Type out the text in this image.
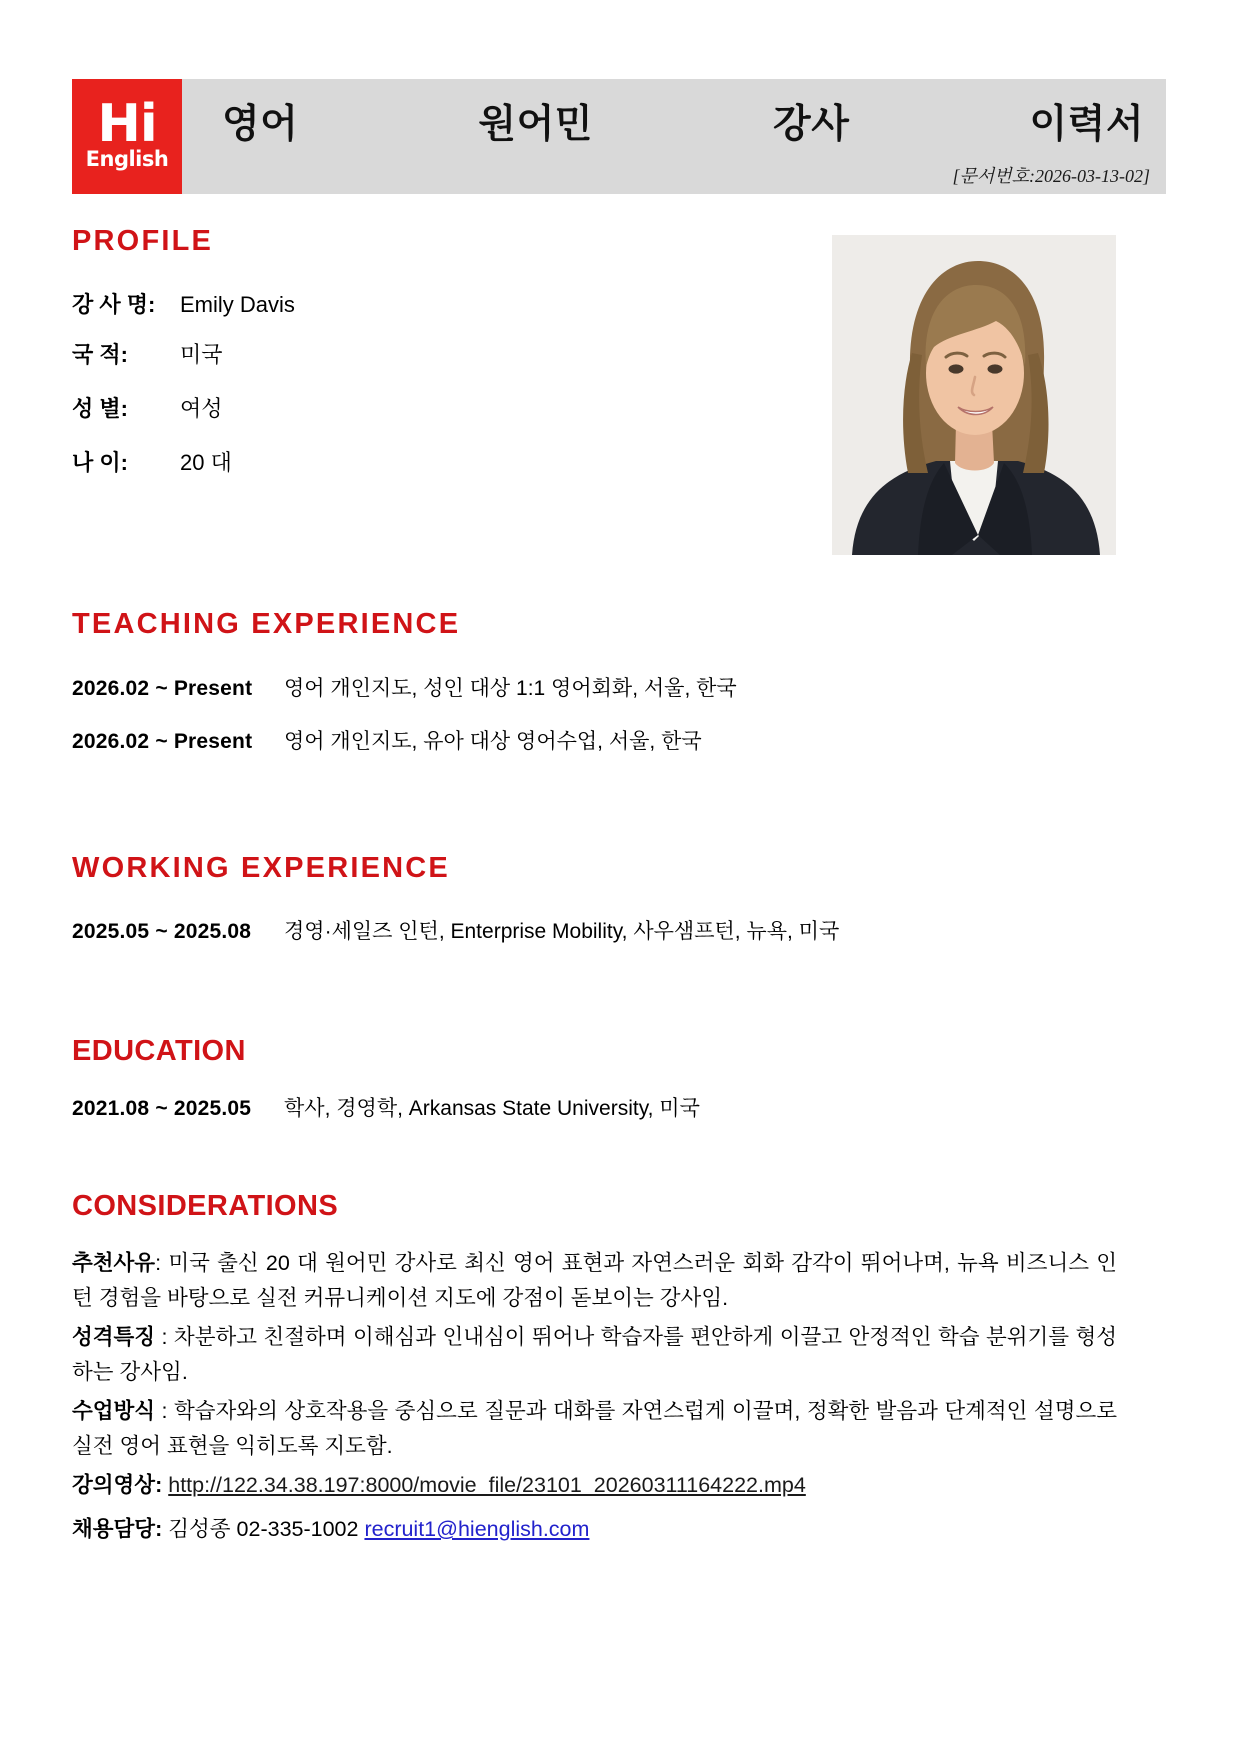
Hi
English
영어 원어민 강사 이력서
[문서번호:2026-03-13-02]
PROFILE
강 사 명: Emily Davis
국 적: 미국
성 별: 여성
나 이: 20 대
TEACHING EXPERIENCE
2026.02 ~ Present 영어 개인지도, 성인 대상 1:1 영어회화, 서울, 한국
2026.02 ~ Present 영어 개인지도, 유아 대상 영어수업, 서울, 한국
WORKING EXPERIENCE
2025.05 ~ 2025.08 경영·세일즈 인턴, Enterprise Mobility, 사우샘프턴, 뉴욕, 미국
EDUCATION
2021.08 ~ 2025.05 학사, 경영학, Arkansas State University, 미국
CONSIDERATIONS
추천사유: 미국 출신 20 대 원어민 강사로 최신 영어 표현과 자연스러운 회화 감각이 뛰어나며, 뉴욕 비즈니스 인턴 경험을 바탕으로 실전 커뮤니케이션 지도에 강점이 돋보이는 강사임.
성격특징 : 차분하고 친절하며 이해심과 인내심이 뛰어나 학습자를 편안하게 이끌고 안정적인 학습 분위기를 형성하는 강사임.
수업방식 : 학습자와의 상호작용을 중심으로 질문과 대화를 자연스럽게 이끌며, 정확한 발음과 단계적인 설명으로 실전 영어 표현을 익히도록 지도함.
강의영상: http://122.34.38.197:8000/movie_file/23101_20260311164222.mp4
채용담당: 김성종 02-335-1002 recruit1@hienglish.com
